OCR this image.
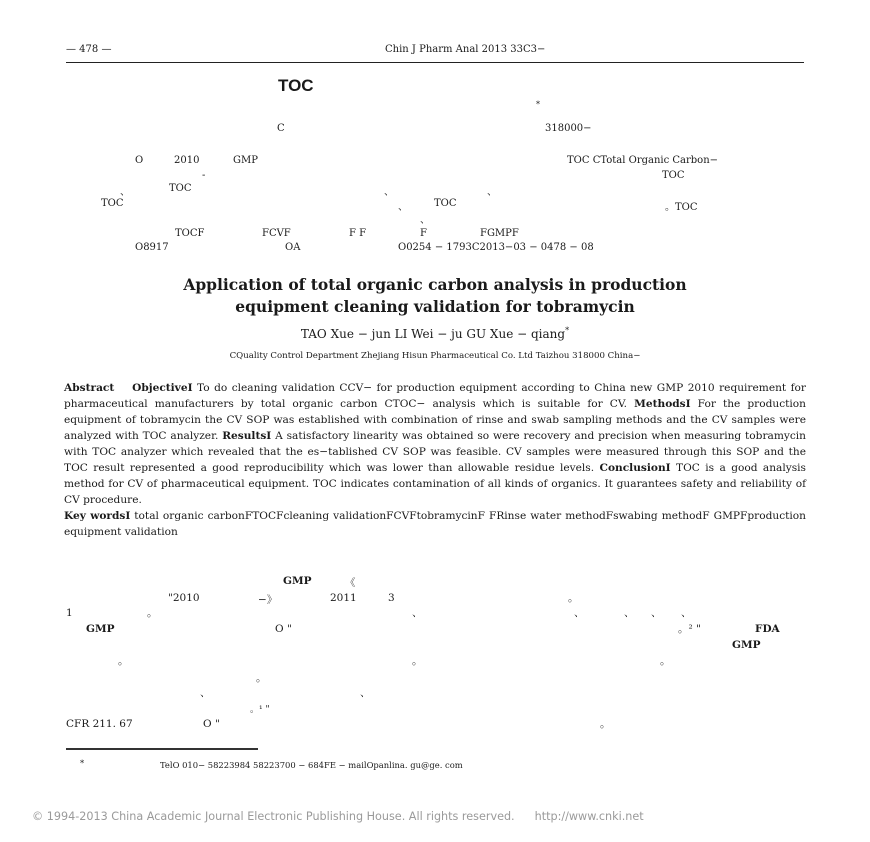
— 478 —	Chin J Pharm Anal 2013 33C3−
TOC
*
C	318000−
O	2010	GMP	TOC CTotal Organic Carbon−
-	TOC
、	TOC	、	、
TOC	、	TOC	。TOC
、
TOCF	FCVF	F F	F	FGMPF
O8917	OA	O0254 − 1793C2013−03 − 0478 − 08
Application of total organic carbon analysis in production
equipment cleaning validation for tobramycin
TAO Xue − jun LI Wei − ju GU Xue − qiang*
CQuality Control Department Zhejiang Hisun Pharmaceutical Co. Ltd Taizhou 318000 China−

Abstract ObjectiveI To do cleaning validation CCV− for production equipment according to China new GMP 2010 requirement for pharmaceutical manufacturers by total organic carbon CTOC− analysis which is suitable for CV. MethodsI For the production equipment of tobramycin the CV SOP was established with combination of rinse and swab sampling methods and the CV samples were analyzed with TOC analyzer. ResultsI A satisfactory linearity was obtained so were recovery and precision when measuring tobramycin with TOC analyzer which revealed that the es−tablished CV SOP was feasible. CV samples were measured through this SOP and the TOC result represented a good reproducibility which was lower than allowable residue levels. ConclusionI TOC is a good analysis method for CV of pharmaceutical equipment. TOC indicates contamination of all kinds of organics. It guarantees safety and reliability of CV procedure.

Key wordsI total organic carbonFTOCFcleaning validationFCVFtobramycinF FRinse water methodFswabing methodF GMPFproduction equipment validation

GMP	《
"2010	−》	2011	3	。
1	。	、	、	、 、 、
GMP	O "	。² "	FDA
GMP
。	。	。
。
、	、
。¹ "
CFR 211. 67	O "	。
*	TelO 010− 58223984 58223700 − 684FE − mailOpanlina. gu@ge. com
© 1994-2013 China Academic Journal Electronic Publishing House. All rights reserved. http://www.cnki.net
